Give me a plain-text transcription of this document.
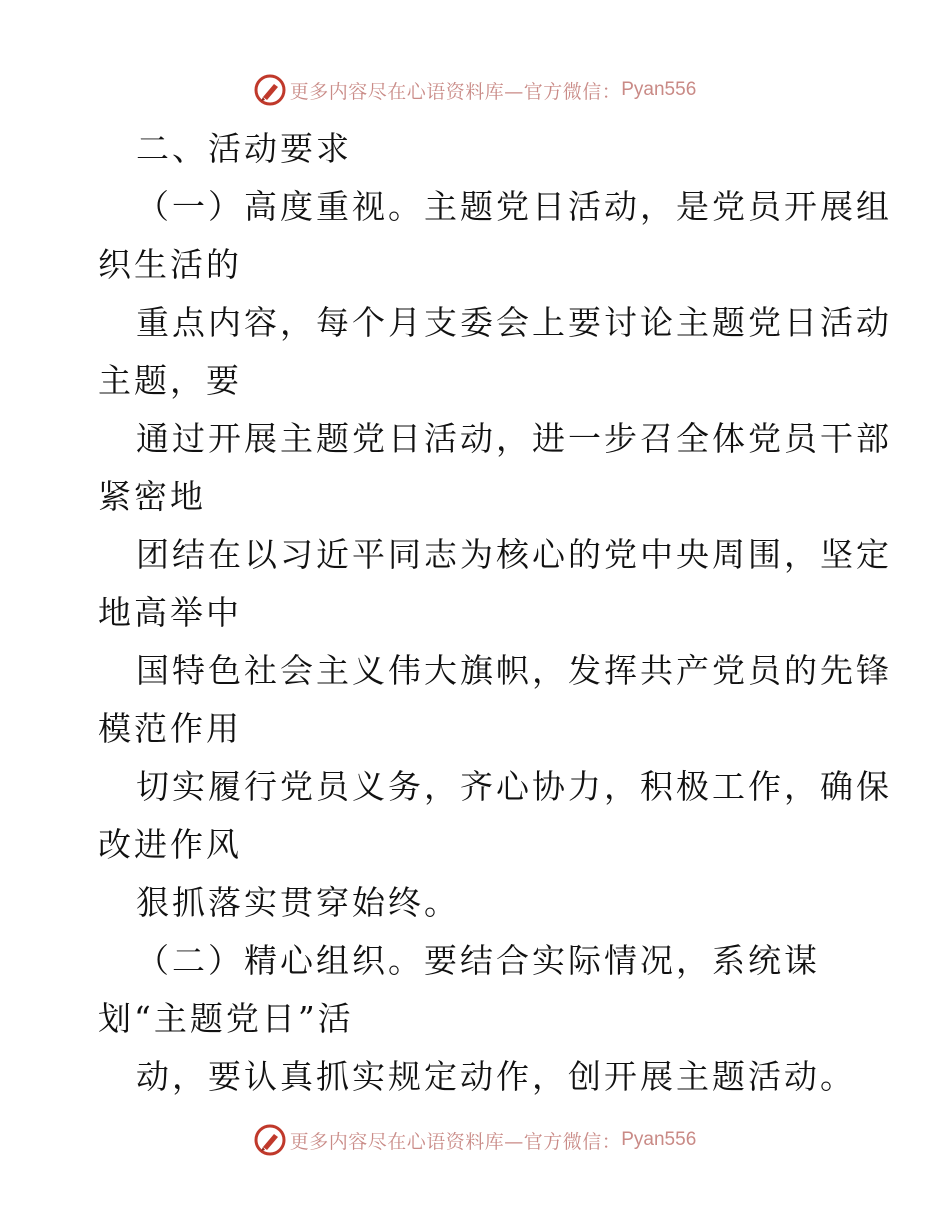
更多内容尽在心语资料库—官方微信： Pyan556
二、活动要求
（一）高度重视。主题党日活动，是党员开展组
织生活的
重点内容，每个月支委会上要讨论主题党日活动
主题，要
通过开展主题党日活动，进一步召全体党员干部
紧密地
团结在以习近平同志为核心的党中央周围，坚定
地高举中
国特色社会主义伟大旗帜，发挥共产党员的先锋
模范作用
切实履行党员义务，齐心协力，积极工作，确保
改进作风
狠抓落实贯穿始终。
（二）精心组织。要结合实际情况，系统谋
划“主题党日”活
动，要认真抓实规定动作，创开展主题活动。
更多内容尽在心语资料库—官方微信： Pyan556
